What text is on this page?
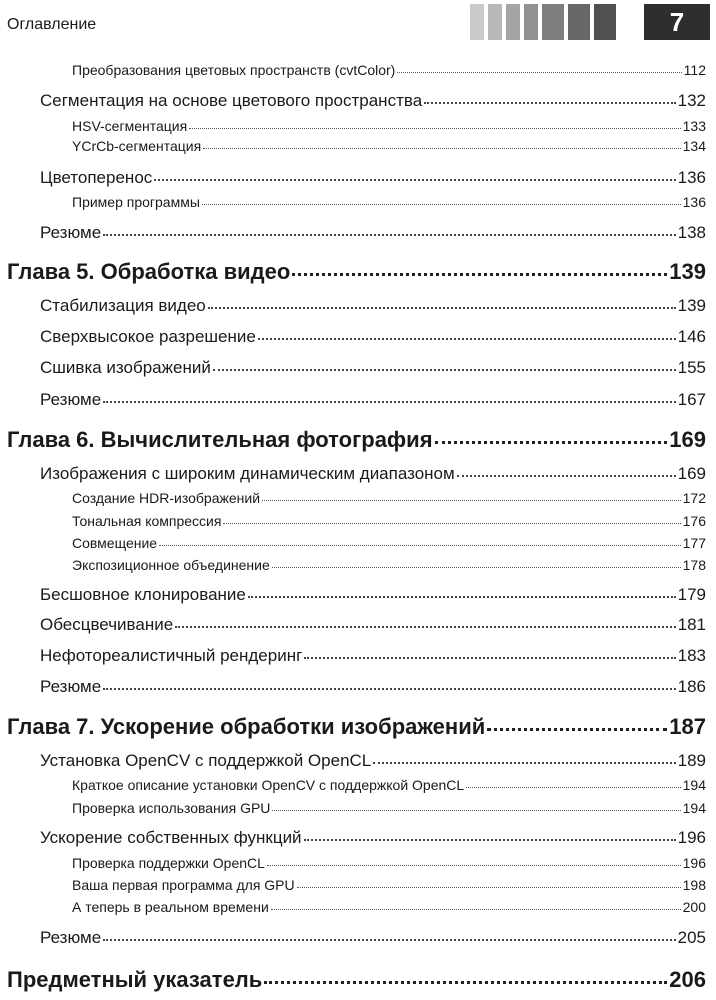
Оглавление	7
Преобразования цветовых пространств (cvtColor)	112
Сегментация на основе цветового пространства	132
HSV-сегментация	133
YCrCb-сегментация	134
Цветоперенос	136
Пример программы	136
Резюме	138
Глава 5. Обработка видео	139
Стабилизация видео	139
Сверхвысокое разрешение	146
Сшивка изображений	155
Резюме	167
Глава 6. Вычислительная фотография	169
Изображения с широким динамическим диапазоном	169
Создание HDR-изображений	172
Тональная компрессия	176
Совмещение	177
Экспозиционное объединение	178
Бесшовное клонирование	179
Обесцвечивание	181
Нефотореалистичный рендеринг	183
Резюме	186
Глава 7. Ускорение обработки изображений	187
Установка OpenCV с поддержкой OpenCL	189
Краткое описание установки OpenCV с поддержкой OpenCL	194
Проверка использования GPU	194
Ускорение собственных функций	196
Проверка поддержки OpenCL	196
Ваша первая программа для GPU	198
А теперь в реальном времени	200
Резюме	205
Предметный указатель	206
